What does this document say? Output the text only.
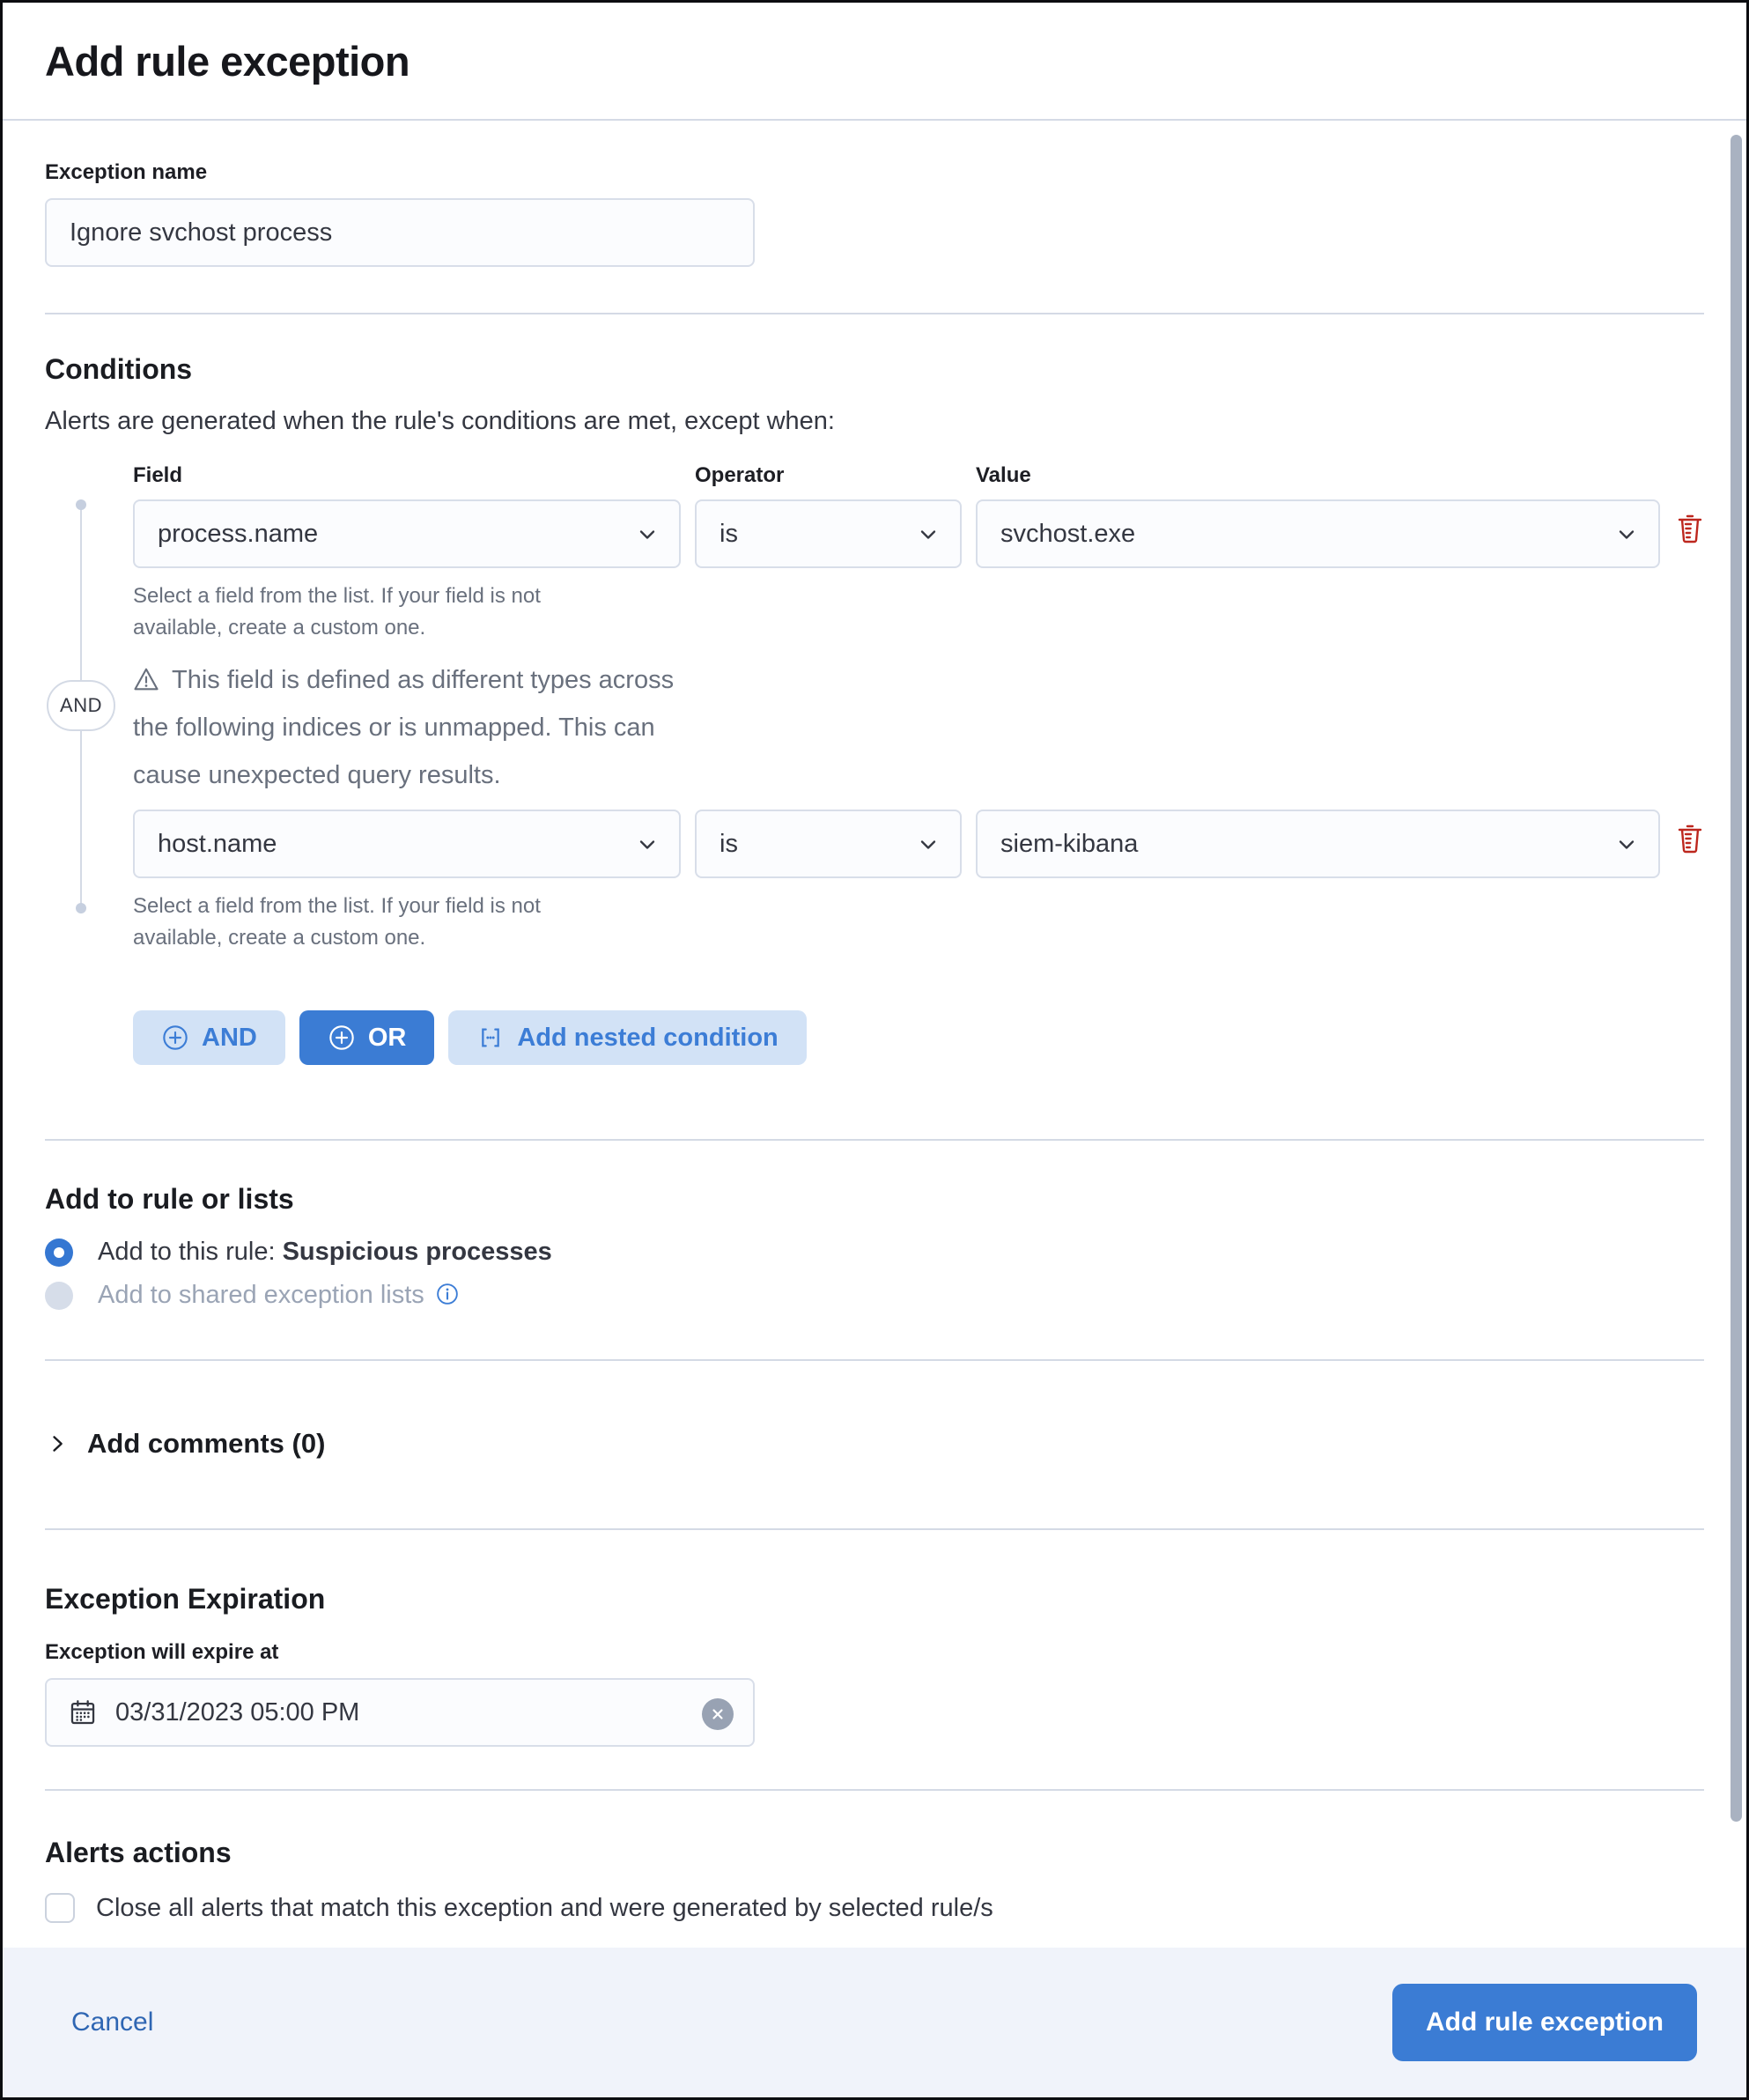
Add rule exception
Exception name
Ignore svchost process
Conditions
Alerts are generated when the rule's conditions are met, except when:
AND
Field	Operator	Value
process.name	is	svchost.exe
Select a field from the list. If your field is not available, create a custom one.
This field is defined as different types across the following indices or is unmapped. This can cause unexpected query results.
host.name	is	siem-kibana
Select a field from the list. If your field is not available, create a custom one.
AND	OR	Add nested condition
Add to rule or lists
Add to this rule: Suspicious processes
Add to shared exception lists
Add comments (0)
Exception Expiration
Exception will expire at
03/31/2023 05:00 PM
Alerts actions
Close all alerts that match this exception and were generated by selected rule/s
Cancel	Add rule exception
